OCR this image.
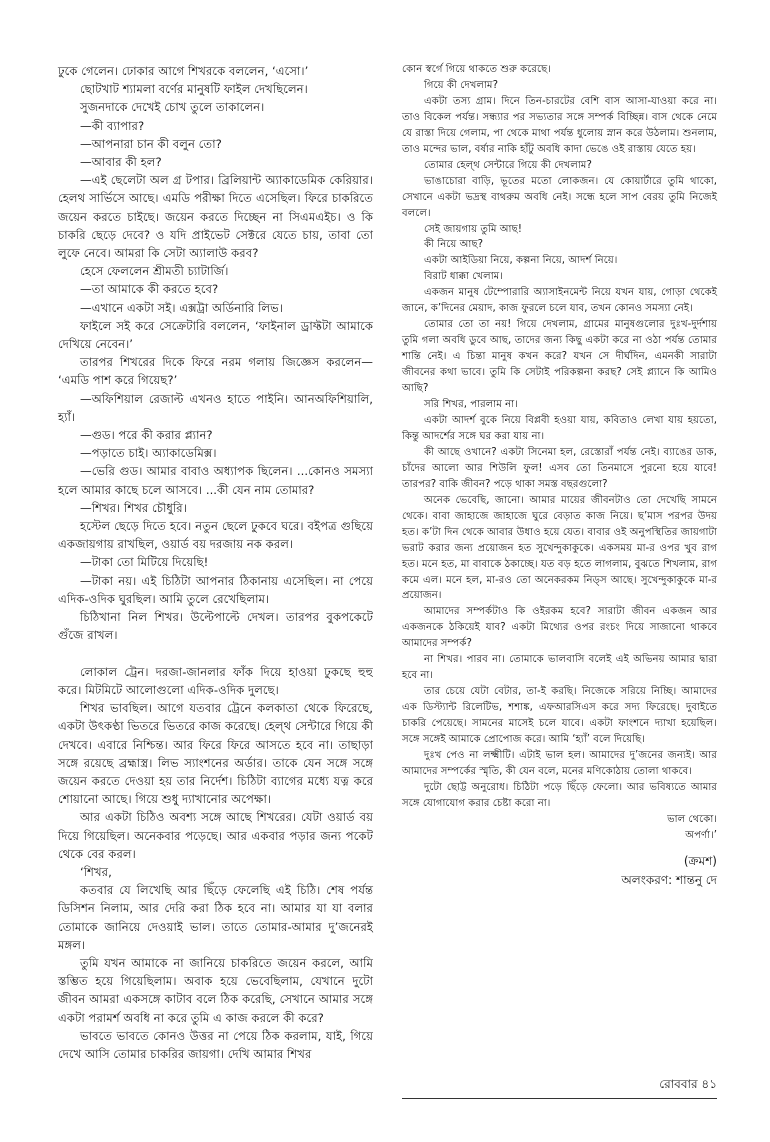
ঢুকে গেলেন। ঢোকার আগে শিখরকে বললেন, ‘এসো।’

ছোটখাট শ্যামলা বর্ণের মানুষটি ফাইল দেখছিলেন।

সুজনদাকে দেখেই চোখ তুলে তাকালেন।

—কী ব্যাপার?

—আপনারা চান কী বলুন তো?

—আবার কী হল?

—এই ছেলেটা অল গ্র টপার। ব্রিলিয়ান্ট অ্যাকাডেমিক কেরিয়ার। হেলথ সার্ভিসে আছে। এমডি পরীক্ষা দিতে এসেছিল। ফিরে চাকরিতে জয়েন করতে চাইছে। জয়েন করতে দিচ্ছেন না সিএমএইচ। ও কি চাকরি ছেড়ে দেবে? ও যদি প্রাইভেট সেক্টরে যেতে চায়, তাবা তো লুফে নেবে। আমরা কি সেটা অ্যালাউ করব?

হেসে ফেললেন শ্রীমতী চ্যাটার্জি।

—তা আমাকে কী করতে হবে?

—এখানে একটা সই। এক্সট্রা অর্ডিনারি লিভ।

ফাইলে সই করে সেক্রেটারি বললেন, ‘ফাইনাল ড্রাফ্টটা আমাকে দেখিয়ে নেবেন।’

তারপর শিখরের দিকে ফিরে নরম গলায় জিজ্ঞেস করলেন— ‘এমডি পাশ করে গিয়েছ?’

—অফিশিয়াল রেজাল্ট এখনও হাতে পাইনি। আনঅফিশিয়ালি, হ্যাঁ।

—গুড। পরে কী করার প্ল্যান?

—পড়াতে চাই। অ্যাকাডেমিক্স।

—ভেরি গুড। আমার বাবাও অধ্যাপক ছিলেন। ...কোনও সমস্যা হলে আমার কাছে চলে আসবে। ...কী যেন নাম তোমার?

—শিখর। শিখর চৌধুরি।

হস্টেল ছেড়ে দিতে হবে। নতুন ছেলে ঢুকবে ঘরে। বইপত্র গুছিয়ে একজায়গায় রাখছিল, ওয়ার্ড বয় দরজায় নক করল।

—টাকা তো মিটিয়ে দিয়েছি!

—টাকা নয়। এই চিঠিটা আপনার ঠিকানায় এসেছিল। না পেয়ে এদিক-ওদিক ঘুরছিল। আমি তুলে রেখেছিলাম।

চিঠিখানা নিল শিখর। উল্টেপাল্টে দেখল। তারপর বুকপকেটে গুঁজে রাখল।

লোকাল ট্রেন। দরজা-জানলার ফাঁক দিয়ে হাওয়া ঢুকছে হুহু করে। মিটমিটে আলোগুলো এদিক-ওদিক দুলছে।

শিখর ভাবছিল। আগে যতবার ট্রেনে কলকাতা থেকে ফিরেছে, একটা উৎকণ্ঠা ভিতরে ভিতরে কাজ করেছে। হেল্থ সেন্টারে গিয়ে কী দেখবে। এবারে নিশ্চিন্ত। আর ফিরে ফিরে আসতে হবে না। তাছাড়া সঙ্গে রয়েছে ব্রহ্মাস্ত্র। লিভ স্যাংশনের অর্ডার। তাকে যেন সঙ্গে সঙ্গে জয়েন করতে দেওয়া হয় তার নির্দেশ। চিঠিটা ব্যাগের মধ্যে যত্ন করে শোয়ানো আছে। গিয়ে শুধু দ্যাখানোর অপেক্ষা।

আর একটা চিঠিও অবশ্য সঙ্গে আছে শিখরের। যেটা ওয়ার্ড বয় দিয়ে গিয়েছিল। অনেকবার পড়েছে। আর একবার পড়ার জন্য পকেট থেকে বের করল।

‘শিখর,

কতবার যে লিখেছি আর ছিঁড়ে ফেলেছি এই চিঠি। শেষ পর্যন্ত ডিসিশন নিলাম, আর দেরি করা ঠিক হবে না। আমার যা যা বলার তোমাকে জানিয়ে দেওয়াই ভাল। তাতে তোমার-আমার দু’জনেরই মঙ্গল।

তুমি যখন আমাকে না জানিয়ে চাকরিতে জয়েন করলে, আমি স্তম্ভিত হয়ে গিয়েছিলাম। অবাক হয়ে ভেবেছিলাম, যেখানে দুটো জীবন আমরা একসঙ্গে কাটাব বলে ঠিক করেছি, সেখানে আমার সঙ্গে একটা পরামর্শ অবধি না করে তুমি এ কাজ করলে কী করে?

ভাবতে ভাবতে কোনও উত্তর না পেয়ে ঠিক করলাম, যাই, গিয়ে দেখে আসি তোমার চাকরির জায়গা। দেখি আমার শিখর

কোন স্বর্গে গিয়ে থাকতে শুরু করেছে।

গিয়ে কী দেখলাম?

একটা তস্য গ্রাম। দিনে তিন-চারটের বেশি বাস আসা-যাওয়া করে না। তাও বিকেল পর্যন্ত। সন্ধ্যার পর সভ্যতার সঙ্গে সম্পর্ক বিচ্ছিন্ন। বাস থেকে নেমে যে রাস্তা দিয়ে গেলাম, পা থেকে মাথা পর্যন্ত ধুলোয় স্নান করে উঠলাম। শুনলাম, তাও মন্দের ভাল, বর্ষার নাকি হাঁটু অবধি কাদা ভেঙে ওই রাস্তায় যেতে হয়।

তোমার হেল্থ সেন্টারে গিয়ে কী দেখলাম?

ভাঙাচোরা বাড়ি, ভূতের মতো লোকজন। যে কোয়ার্টারে তুমি থাকো, সেখানে একটা ভদ্রস্থ বাথরুম অবধি নেই। সন্ধে হলে সাপ বেরয় তুমি নিজেই বললে।

সেই জায়গায় তুমি আছ!

কী নিয়ে আছ?

একটা আইডিয়া নিয়ে, কল্পনা নিয়ে, আদর্শ নিয়ে।

বিরাট ধাক্কা খেলাম।

একজন মানুষ টেম্পোরারি অ্যাসাইনমেন্ট নিয়ে যখন যায়, গোড়া থেকেই জানে, ক’দিনের মেয়াদ, কাজ ফুরলে চলে যাব, তখন কোনও সমস্যা নেই।

তোমার তো তা নয়! গিয়ে দেখলাম, গ্রামের মানুষগুলোর দুঃখ-দুর্দশায় তুমি গলা অবধি ডুবে আছ, তাদের জন্য কিছু একটা করে না ওঠা পর্যন্ত তোমার শান্তি নেই। এ চিন্তা মানুষ কখন করে? যখন সে দীর্ঘদিন, এমনকী সারাটা জীবনের কথা ভাবে। তুমি কি সেটাই পরিকল্পনা করছ? সেই প্ল্যানে কি আমিও আছি?

সরি শিখর, পারলাম না।

একটা আদর্শ বুকে নিয়ে বিপ্লবী হওয়া যায়, কবিতাও লেখা যায় হয়তো, কিন্তু আদর্শের সঙ্গে ঘর করা যায় না।

কী আছে ওখানে? একটা সিনেমা হল, রেস্তোরাঁ পর্যন্ত নেই। ব্যাঙের ডাক, চাঁদের আলো আর শিউলি ফুল! এসব তো তিনমাসে পুরনো হয়ে যাবে! তারপর? বাকি জীবন? পড়ে থাকা সমস্ত বছরগুলো?

অনেক ভেবেছি, জানো। আমার মায়ের জীবনটাও তো দেখেছি সামনে থেকে। বাবা জাহাজে জাহাজে ঘুরে বেড়াত কাজ নিয়ে। ছ’মাস পরপর উদয় হত। ক’টা দিন থেকে আবার উধাও হয়ে যেত। বাবার ওই অনুপস্থিতির জায়গাটা ভরাট করার জন্য প্রয়োজন হত সুখেন্দুকাকুকে। একসময় মা-র ওপর খুব রাগ হত। মনে হত, মা বাবাকে ঠকাচ্ছে। যত বড় হতে লাগলাম, বুঝতে শিখলাম, রাগ কমে এল। মনে হল, মা-রও তো অনেকরকম নিড্স আছে। সুখেন্দুকাকুকে মা-র প্রয়োজন।

আমাদের সম্পর্কটাও কি ওইরকম হবে? সারাটা জীবন একজন আর একজনকে ঠকিয়েই যাব? একটা মিথ্যের ওপর রংচং দিয়ে সাজানো থাকবে আমাদের সম্পর্ক?

না শিখর। পারব না। তোমাকে ভালবাসি বলেই এই অভিনয় আমার দ্বারা হবে না।

তার চেয়ে যেটা বেটার, তা-ই করছি। নিজেকে সরিয়ে নিচ্ছি। আমাদের এক ডিস্ট্যান্ট রিলেটিভ, শশাঙ্ক, এফআরসিএস করে সদ্য ফিরেছে। দুবাইতে চাকরি পেয়েছে। সামনের মাসেই চলে যাবে। একটা ফাংশনে দ্যাখা হয়েছিল। সঙ্গে সঙ্গেই আমাকে প্রোপোজ করে। আমি ‘হ্যাঁ’ বলে দিয়েছি।

দুঃখ পেও না লক্ষ্মীটি। এটাই ভাল হল। আমাদের দু’জনের জন্যই। আর আমাদের সম্পর্কের স্মৃতি, কী যেন বলে, মনের মণিকোঠায় তোলা থাকবে।

দুটো ছোট্ট অনুরোধ। চিঠিটা পড়ে ছিঁড়ে ফেলো। আর ভবিষ্যতে আমার সঙ্গে যোগাযোগ করার চেষ্টা করো না।

ভাল থেকো।

অপর্ণা।’

(ক্রমশ)
অলংকরণ: শান্তনু দে
রোববার ৪১
